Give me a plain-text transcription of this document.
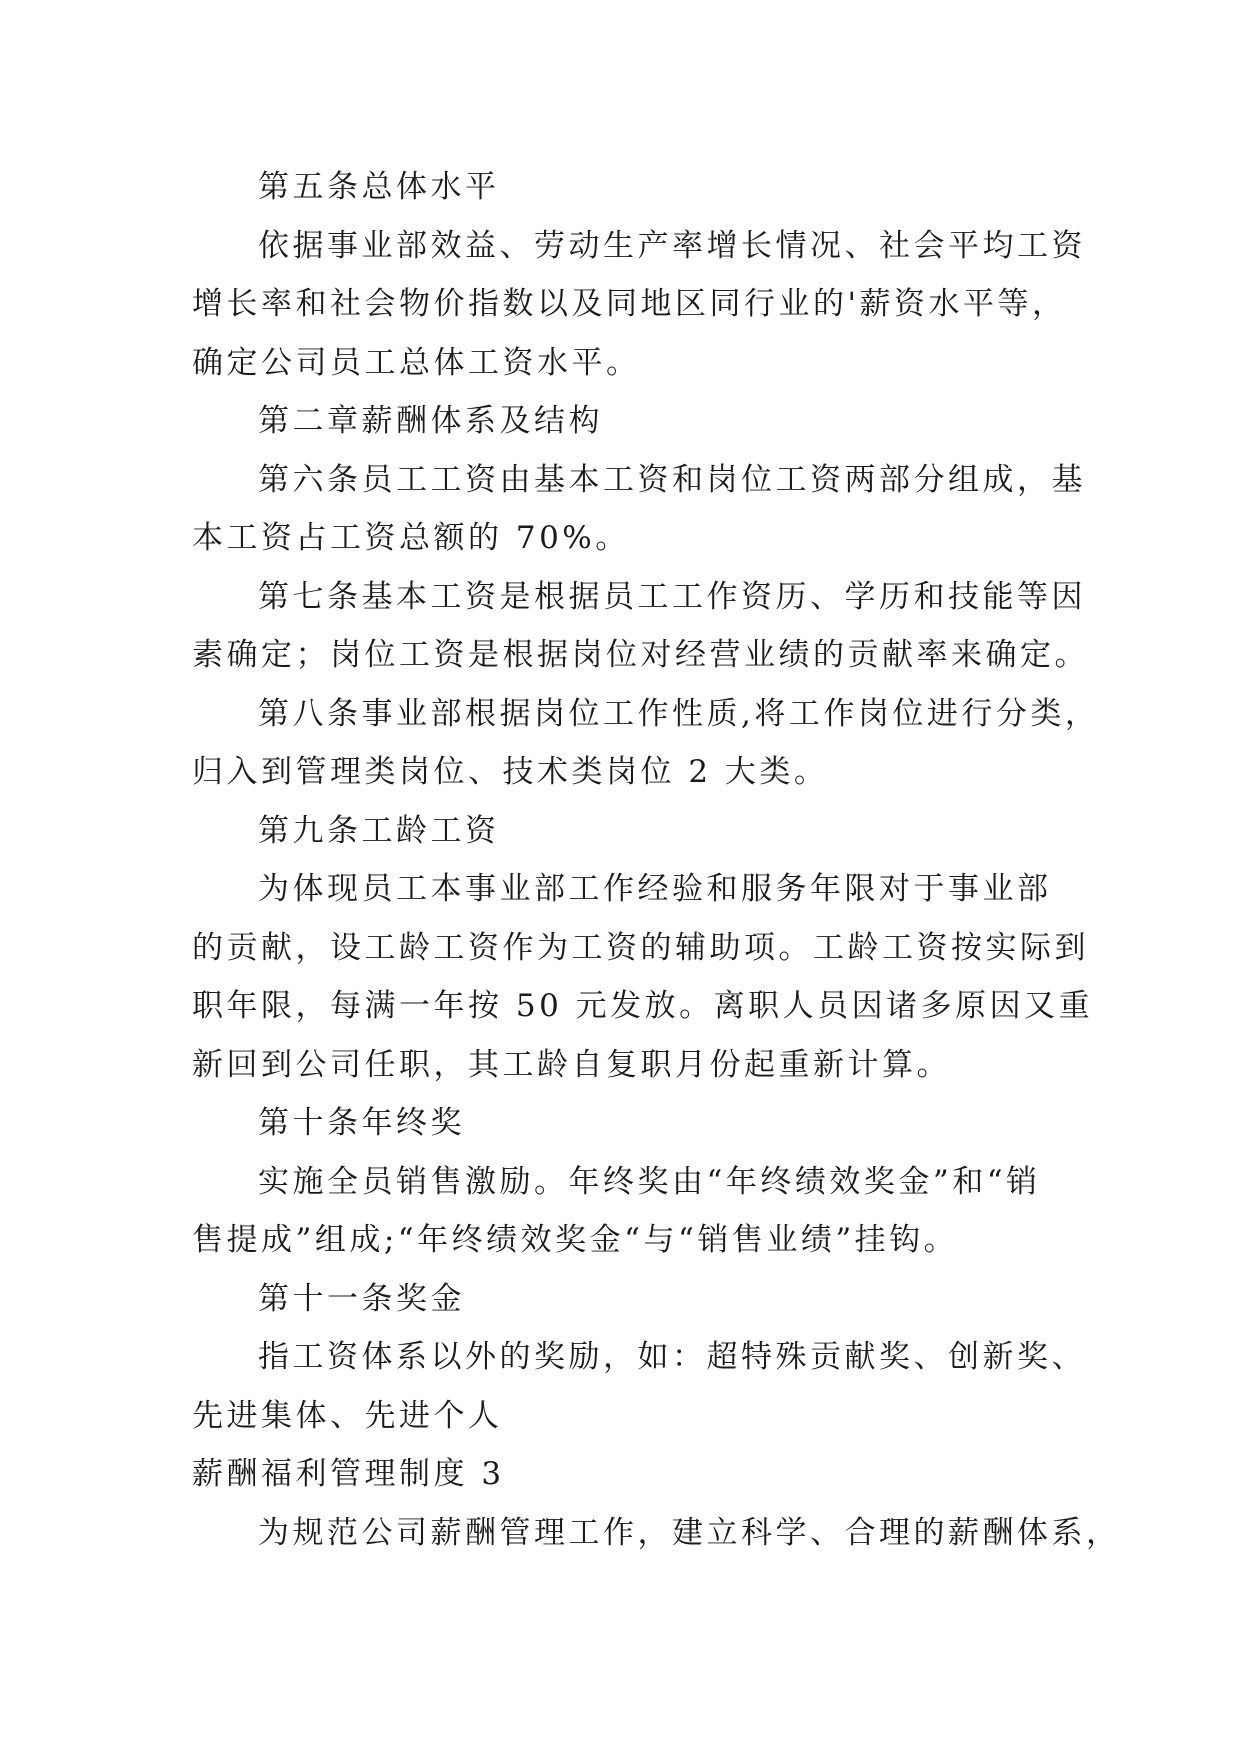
第五条总体水平
依据事业部效益、劳动生产率增长情况、社会平均工资
增长率和社会物价指数以及同地区同行业的'薪资水平等，
确定公司员工总体工资水平。
第二章薪酬体系及结构
第六条员工工资由基本工资和岗位工资两部分组成，基
本工资占工资总额的 70%。
第七条基本工资是根据员工工作资历、学历和技能等因
素确定；岗位工资是根据岗位对经营业绩的贡献率来确定。
第八条事业部根据岗位工作性质,将工作岗位进行分类，
归入到管理类岗位、技术类岗位 2 大类。
第九条工龄工资
为体现员工本事业部工作经验和服务年限对于事业部
的贡献，设工龄工资作为工资的辅助项。工龄工资按实际到
职年限，每满一年按 50 元发放。离职人员因诸多原因又重
新回到公司任职，其工龄自复职月份起重新计算。
第十条年终奖
实施全员销售激励。年终奖由“年终绩效奖金”和“销
售提成”组成;“年终绩效奖金“与“销售业绩”挂钩。
第十一条奖金
指工资体系以外的奖励，如：超特殊贡献奖、创新奖、
先进集体、先进个人
薪酬福利管理制度 3
为规范公司薪酬管理工作，建立科学、合理的薪酬体系，
